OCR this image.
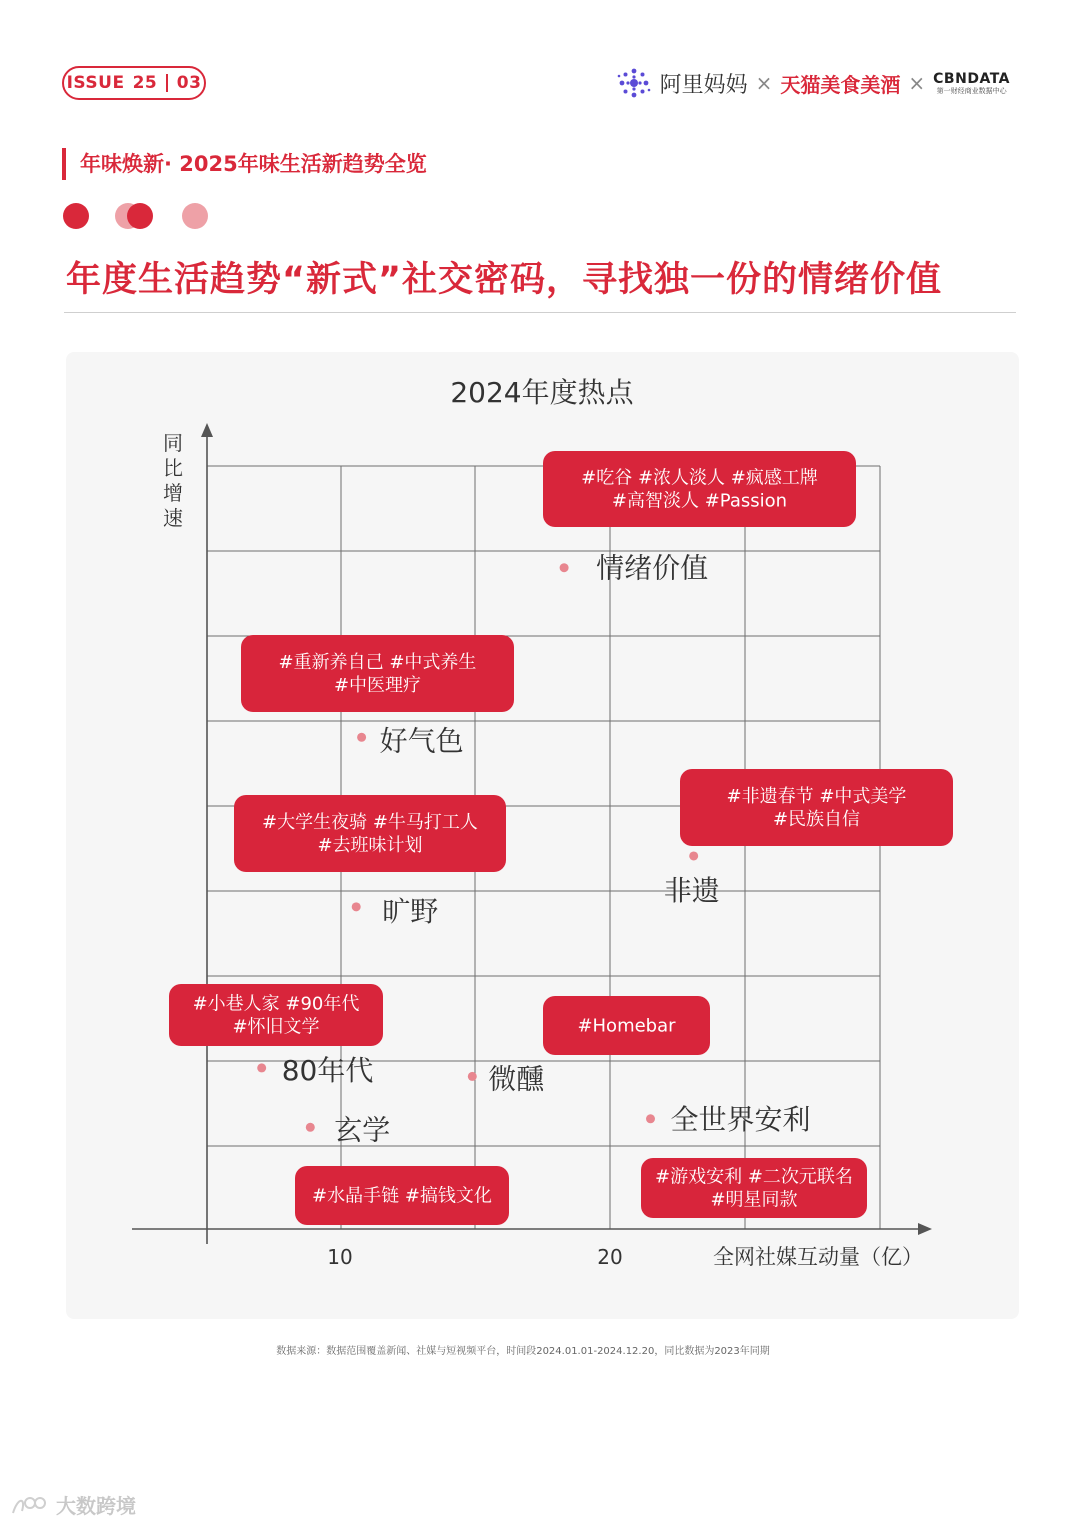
ISSUE 25 03	阿里妈妈 × 天猫美食美酒 × CBNDATA
第一财经商业数据中心
年味焕新· 2025年味生活新趋势全览
年度生活趋势“新式”社交密码，寻找独一份的情绪价值
2024年度热点
同比增速
全网社媒互动量（亿）
10	20
情绪价值
好气色
非遗
旷野
80年代	微醺
全世界安利
玄学
#吃谷 #浓人淡人 #疯感工牌
#高智淡人 #Passion
#重新养自己 #中式养生
#中医理疗
#非遗春节 #中式美学
#民族自信
#大学生夜骑 #牛马打工人
#去班味计划
#小巷人家 #90年代
#怀旧文学	#Homebar
#游戏安利 #二次元联名
#明星同款
#水晶手链 #搞钱文化
数据来源：数据范围覆盖新闻、社媒与短视频平台，时间段2024.01.01-2024.12.20，同比数据为2023年同期
大数跨境
